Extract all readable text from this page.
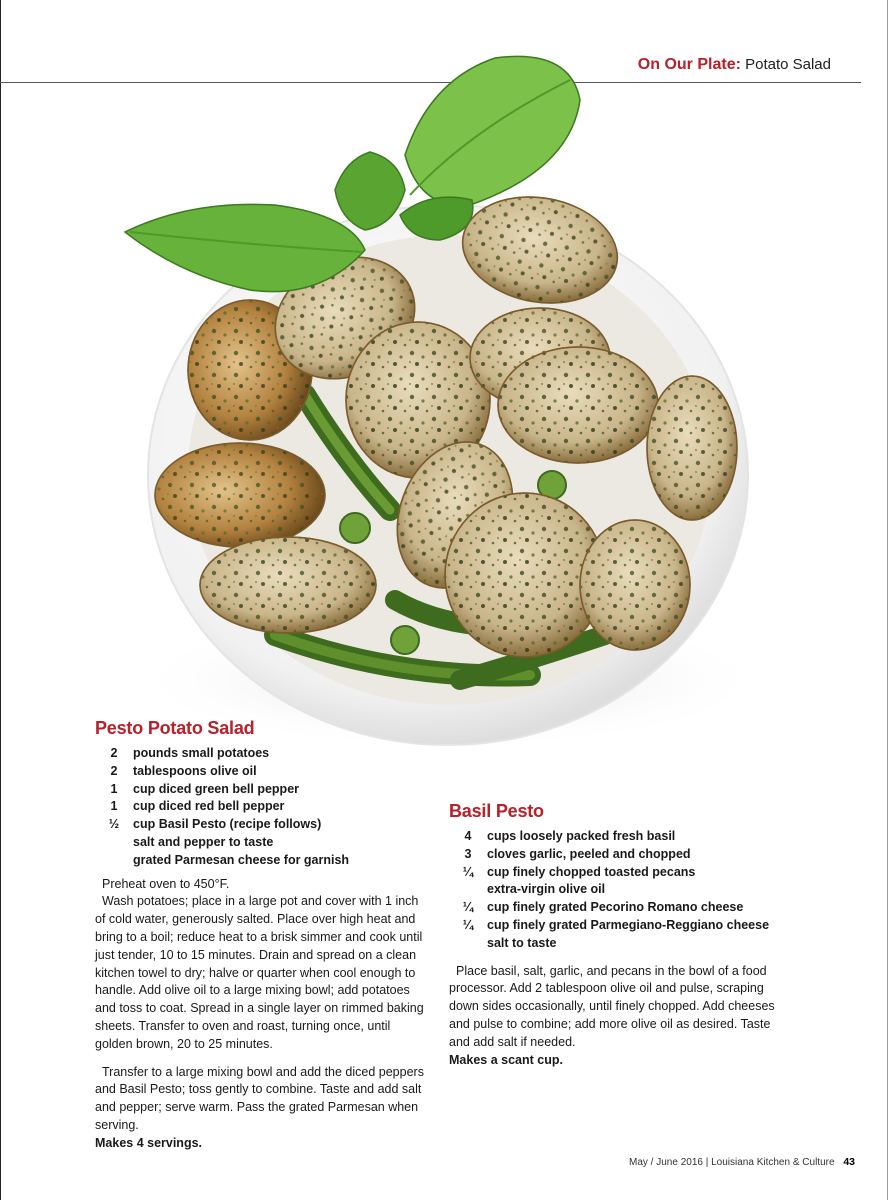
On Our Plate: Potato Salad
Pesto Potato Salad
2	pounds small potatoes
2	tablespoons olive oil
1	cup diced green bell pepper
1	cup diced red bell pepper
½	cup Basil Pesto (recipe follows)
salt and pepper to taste
grated Parmesan cheese for garnish

Preheat oven to 450°F.

Wash potatoes; place in a large pot and cover with 1 inch of cold water, generously salted. Place over high heat and bring to a boil; reduce heat to a brisk simmer and cook until just tender, 10 to 15 minutes. Drain and spread on a clean kitchen towel to dry; halve or quarter when cool enough to handle. Add olive oil to a large mixing bowl; add potatoes and toss to coat. Spread in a single layer on rimmed baking sheets. Transfer to oven and roast, turning once, until golden brown, 20 to 25 minutes.

Transfer to a large mixing bowl and add the diced peppers and Basil Pesto; toss gently to combine. Taste and add salt and pepper; serve warm. Pass the grated Parmesan when serving.

Makes 4 servings.

Basil Pesto
4	cups loosely packed fresh basil
3	cloves garlic, peeled and chopped
¼	cup finely chopped toasted pecans
extra-virgin olive oil
¼	cup finely grated Pecorino Romano cheese
¼	cup finely grated Parmegiano-Reggiano cheese
salt to taste

Place basil, salt, garlic, and pecans in the bowl of a food processor. Add 2 tablespoon olive oil and pulse, scraping down sides occasionally, until finely chopped. Add cheeses and pulse to combine; add more olive oil as desired. Taste and add salt if needed.

Makes a scant cup.

May / June 2016 | Louisiana Kitchen & Culture 43
